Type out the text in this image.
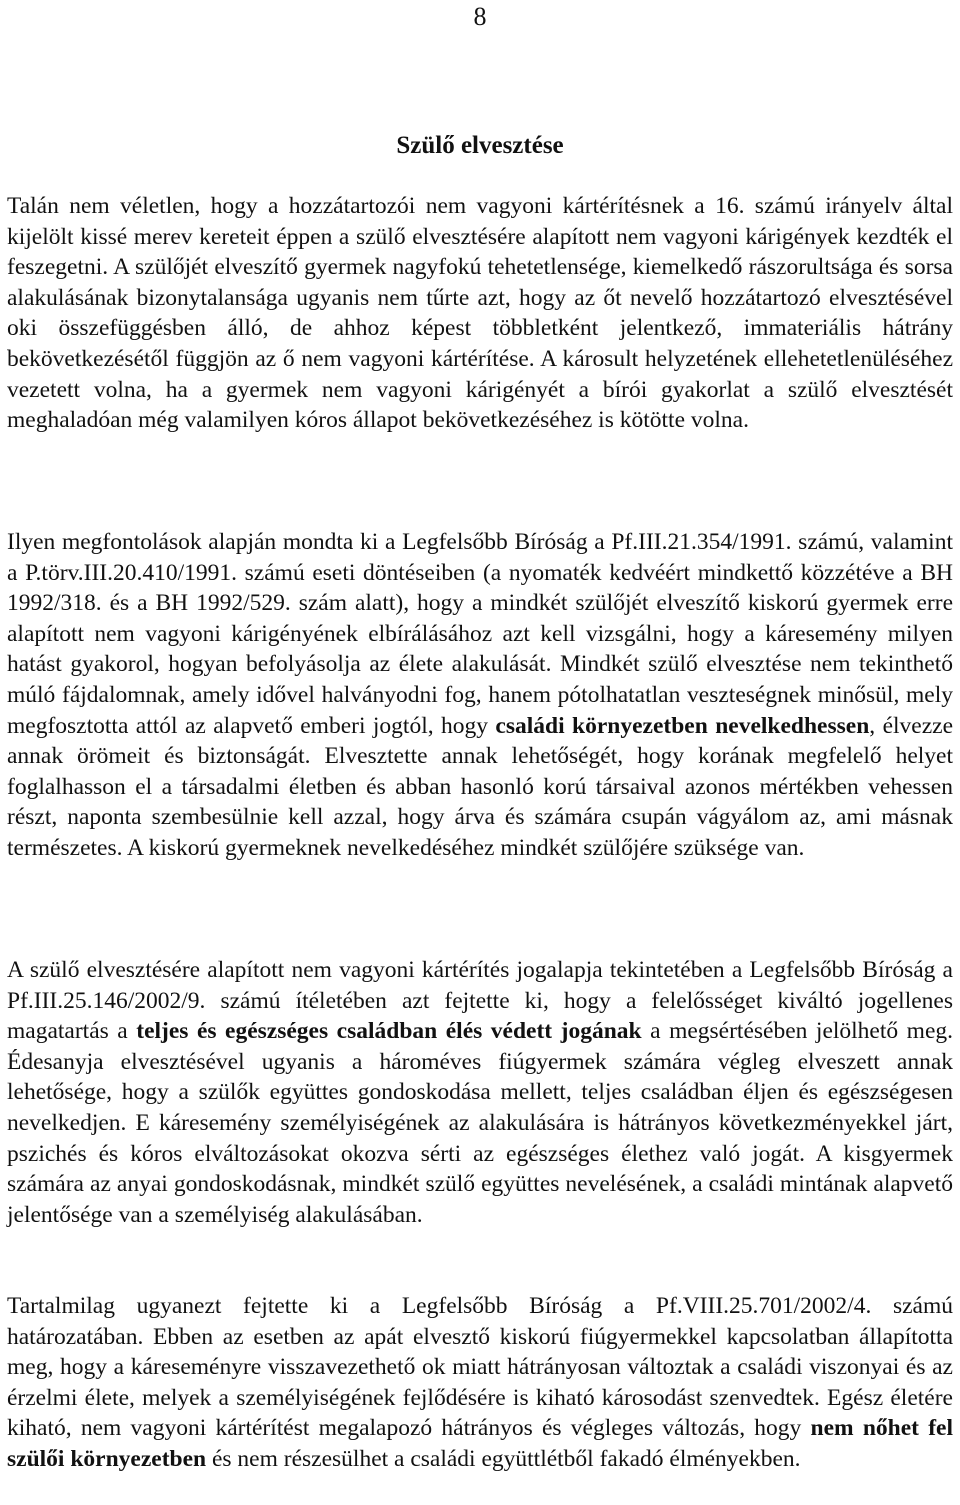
8
Szülő elvesztése

Talán nem véletlen, hogy a hozzátartozói nem vagyoni kártérítésnek a 16. számú irányelv által kijelölt kissé merev kereteit éppen a szülő elvesztésére alapított nem vagyoni kárigények kezdték el feszegetni. A szülőjét elveszítő gyermek nagyfokú tehetetlensége, kiemelkedő rászorultsága és sorsa alakulásának bizonytalansága ugyanis nem tűrte azt, hogy az őt nevelő hozzátartozó elvesztésével oki összefüggésben álló, de ahhoz képest többletként jelentkező, immateriális hátrány bekövetkezésétől függjön az ő nem vagyoni kártérítése. A károsult helyzetének ellehetetlenüléséhez vezetett volna, ha a gyermek nem vagyoni kárigényét a bírói gyakorlat a szülő elvesztését meghaladóan még valamilyen kóros állapot bekövetkezéséhez is kötötte volna.

Ilyen megfontolások alapján mondta ki a Legfelsőbb Bíróság a Pf.III.21.354/1991. számú, valamint a P.törv.III.20.410/1991. számú eseti döntéseiben (a nyomaték kedvéért mindkettő közzétéve a BH 1992/318. és a BH 1992/529. szám alatt), hogy a mindkét szülőjét elveszítő kiskorú gyermek erre alapított nem vagyoni kárigényének elbírálásához azt kell vizsgálni, hogy a káresemény milyen hatást gyakorol, hogyan befolyásolja az élete alakulását. Mindkét szülő elvesztése nem tekinthető múló fájdalomnak, amely idővel halványodni fog, hanem pótolhatatlan veszteségnek minősül, mely megfosztotta attól az alapvető emberi jogtól, hogy családi környezetben nevelkedhessen, élvezze annak örömeit és biztonságát. Elvesztette annak lehetőségét, hogy korának megfelelő helyet foglalhasson el a társadalmi életben és abban hasonló korú társaival azonos mértékben vehessen részt, naponta szembesülnie kell azzal, hogy árva és számára csupán vágyálom az, ami másnak természetes. A kiskorú gyermeknek nevelkedéséhez mindkét szülőjére szüksége van.

A szülő elvesztésére alapított nem vagyoni kártérítés jogalapja tekintetében a Legfelsőbb Bíróság a Pf.III.25.146/2002/9. számú ítéletében azt fejtette ki, hogy a felelősséget kiváltó jogellenes magatartás a teljes és egészséges családban élés védett jogának a megsértésében jelölhető meg. Édesanyja elvesztésével ugyanis a hároméves fiúgyermek számára végleg elveszett annak lehetősége, hogy a szülők együttes gondoskodása mellett, teljes családban éljen és egészségesen nevelkedjen. E káresemény személyiségének az alakulására is hátrányos következményekkel járt, pszichés és kóros elváltozásokat okozva sérti az egészséges élethez való jogát. A kisgyermek számára az anyai gondoskodásnak, mindkét szülő együttes nevelésének, a családi mintának alapvető jelentősége van a személyiség alakulásában.

Tartalmilag ugyanezt fejtette ki a Legfelsőbb Bíróság a Pf.VIII.25.701/2002/4. számú határozatában. Ebben az esetben az apát elvesztő kiskorú fiúgyermekkel kapcsolatban állapította meg, hogy a káreseményre visszavezethető ok miatt hátrányosan változtak a családi viszonyai és az érzelmi élete, melyek a személyiségének fejlődésére is kiható károsodást szenvedtek. Egész életére kiható, nem vagyoni kártérítést megalapozó hátrányos és végleges változás, hogy nem nőhet fel szülői környezetben és nem részesülhet a családi együttlétből fakadó élményekben.
